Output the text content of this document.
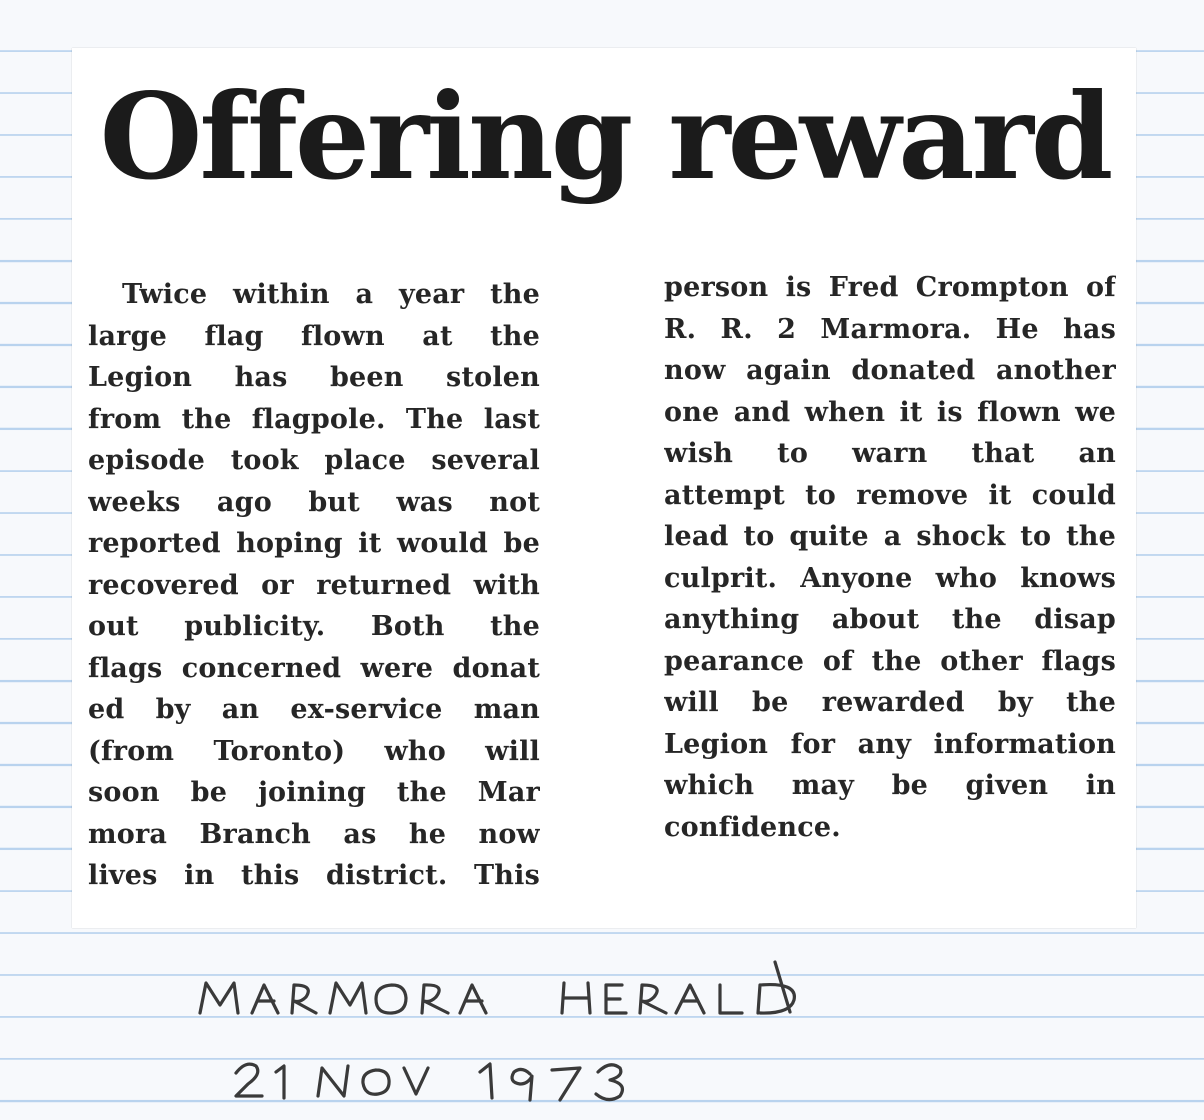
Offering reward
Twice within a year the
large flag flown at the
Legion has been stolen
from the flagpole. The last
episode took place several
weeks ago but was not
reported hoping it would be
recovered or returned with
out publicity. Both the
flags concerned were donat
ed by an ex-service man
(from Toronto) who will
soon be joining the Mar
mora Branch as he now
lives in this district. This
person is Fred Crompton of
R. R. 2 Marmora. He has
now again donated another
one and when it is flown we
wish to warn that an
attempt to remove it could
lead to quite a shock to the
culprit. Anyone who knows
anything about the disap
pearance of the other flags
will be rewarded by the
Legion for any information
which may be given in
confidence.
